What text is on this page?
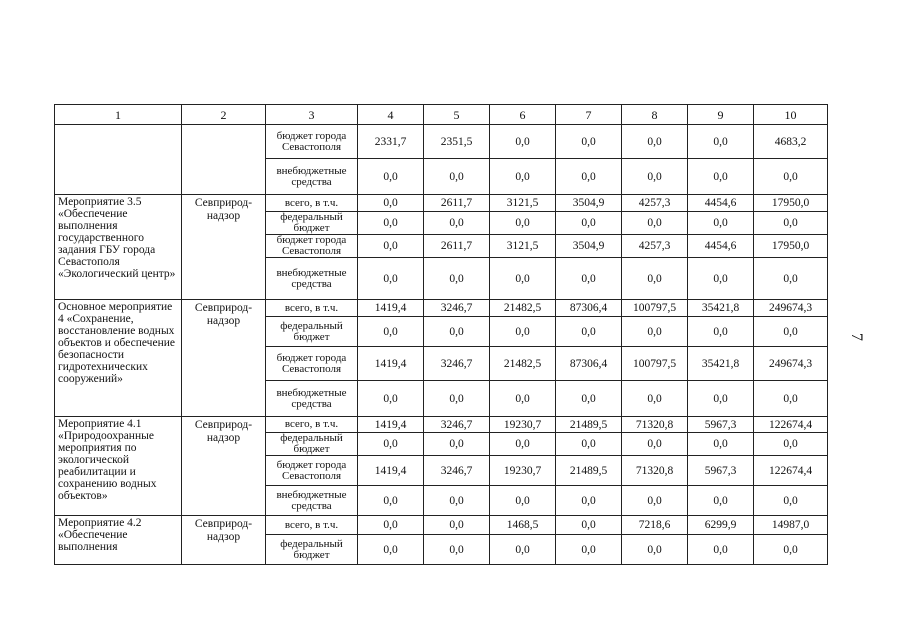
1	2	3	4	5	6	7	8	9	10
		бюджет города Севастополя	2331,7	2351,5	0,0	0,0	0,0	0,0	4683,2
		внебюджетные средства	0,0	0,0	0,0	0,0	0,0	0,0	0,0
Мероприятие 3.5 «Обеспечение выполнения государственного задания ГБУ города Севастополя «Экологический центр»	Севприрод-надзор	всего, в т.ч.	0,0	2611,7	3121,5	3504,9	4257,3	4454,6	17950,0
		федеральный бюджет	0,0	0,0	0,0	0,0	0,0	0,0	0,0
		бюджет города Севастополя	0,0	2611,7	3121,5	3504,9	4257,3	4454,6	17950,0
		внебюджетные средства	0,0	0,0	0,0	0,0	0,0	0,0	0,0
Основное мероприятие 4 «Сохранение, восстановление водных объектов и обеспечение безопасности гидротехнических сооружений»	Севприрод-надзор	всего, в т.ч.	1419,4	3246,7	21482,5	87306,4	100797,5	35421,8	249674,3
		федеральный бюджет	0,0	0,0	0,0	0,0	0,0	0,0	0,0
		бюджет города Севастополя	1419,4	3246,7	21482,5	87306,4	100797,5	35421,8	249674,3
		внебюджетные средства	0,0	0,0	0,0	0,0	0,0	0,0	0,0
Мероприятие 4.1 «Природоохранные мероприятия по экологической реабилитации и сохранению водных объектов»	Севприрод-надзор	всего, в т.ч.	1419,4	3246,7	19230,7	21489,5	71320,8	5967,3	122674,4
		федеральный бюджет	0,0	0,0	0,0	0,0	0,0	0,0	0,0
		бюджет города Севастополя	1419,4	3246,7	19230,7	21489,5	71320,8	5967,3	122674,4
		внебюджетные средства	0,0	0,0	0,0	0,0	0,0	0,0	0,0
Мероприятие 4.2 «Обеспечение выполнения	Севприрод-надзор	всего, в т.ч.	0,0	0,0	1468,5	0,0	7218,6	6299,9	14987,0
		федеральный бюджет	0,0	0,0	0,0	0,0	0,0	0,0	0,0
7
